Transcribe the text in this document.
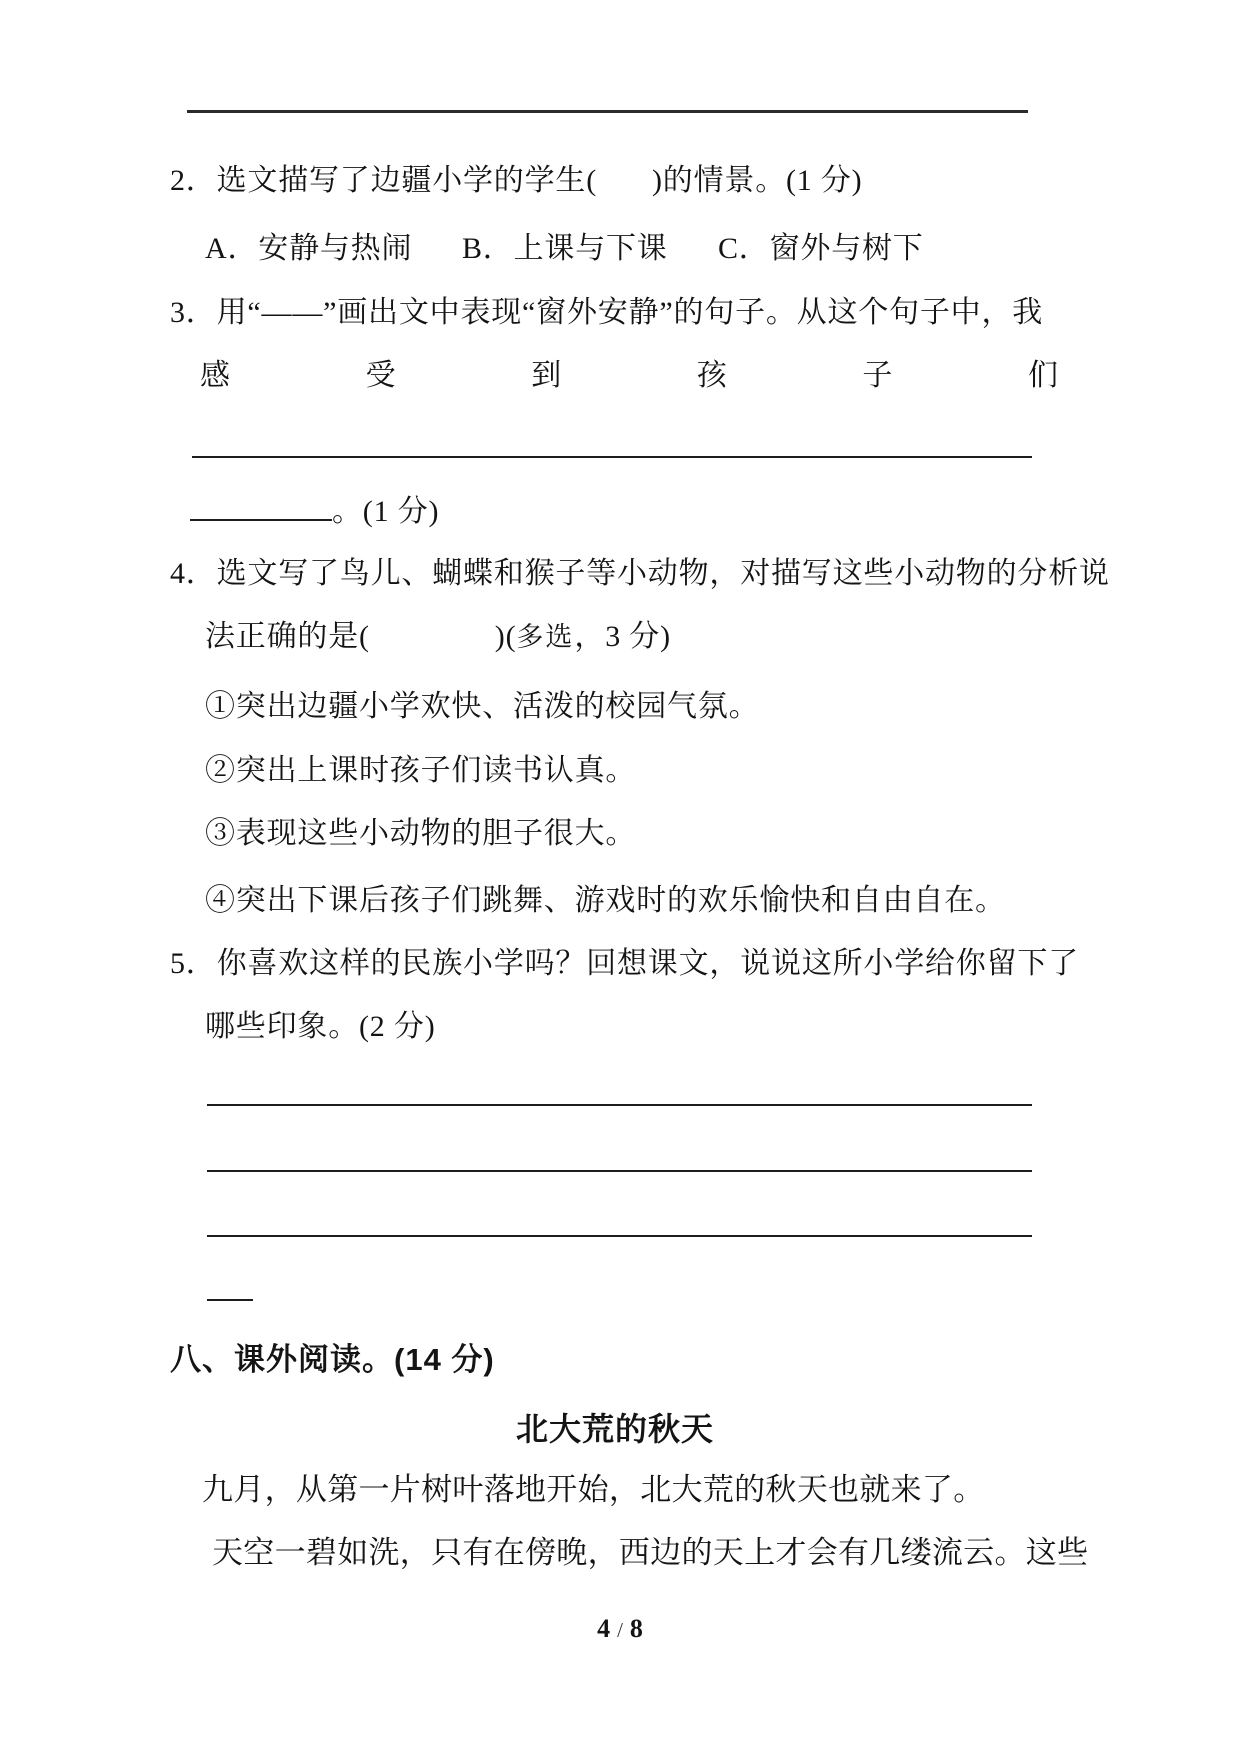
2．选文描写了边疆小学的学生( )的情景。(1 分)
A．安静与热闹 B．上课与下课 C．窗外与树下
3．用“——”画出文中表现“窗外安静”的句子。从这个句子中，我
感	受	到	孩	子	们
。(1 分)
4．选文写了鸟儿、蝴蝶和猴子等小动物，对描写这些小动物的分析说
法正确的是(	)(多选，3 分)
①突出边疆小学欢快、活泼的校园气氛。
②突出上课时孩子们读书认真。
③表现这些小动物的胆子很大。
④突出下课后孩子们跳舞、游戏时的欢乐愉快和自由自在。
5．你喜欢这样的民族小学吗？回想课文，说说这所小学给你留下了
哪些印象。(2 分)
八、课外阅读。(14 分)
北大荒的秋天
九月，从第一片树叶落地开始，北大荒的秋天也就来了。
天空一碧如洗，只有在傍晚，西边的天上才会有几缕流云。这些
4 / 8
